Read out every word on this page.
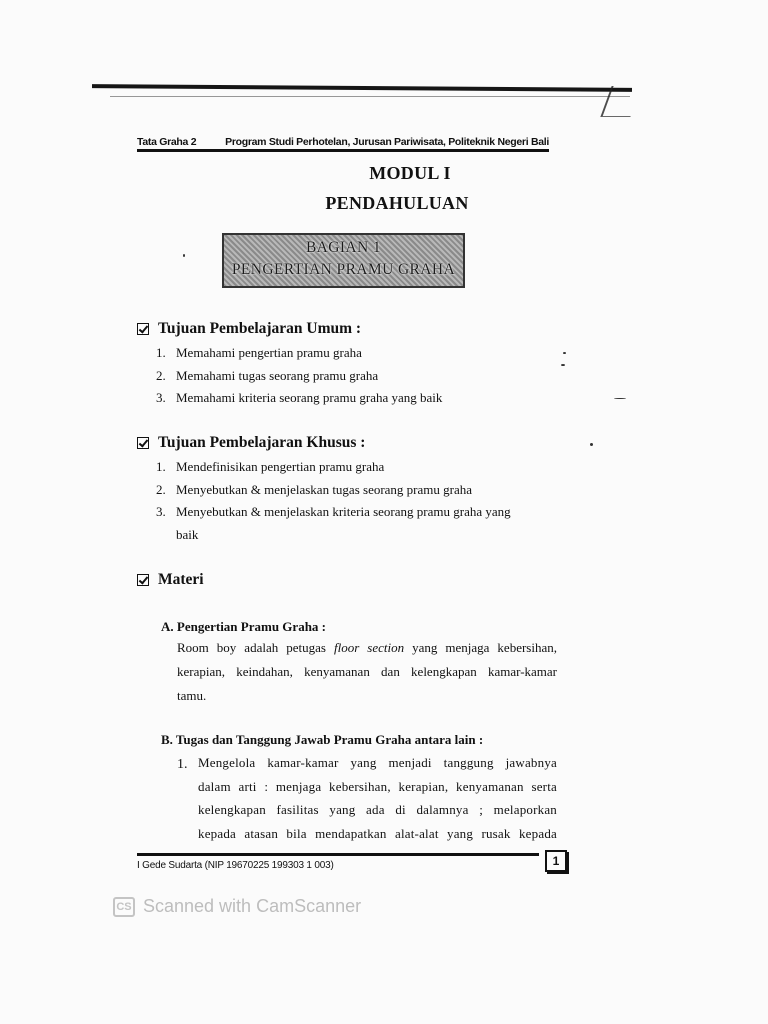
Tata Graha 2	Program Studi Perhotelan, Jurusan Pariwisata, Politeknik Negeri Bali
MODUL I
PENDAHULUAN
BAGIAN 1
PENGERTIAN PRAMU GRAHA
Tujuan Pembelajaran Umum :
1. Memahami pengertian pramu graha
2. Memahami tugas seorang pramu graha
3. Memahami kriteria seorang pramu graha yang baik
Tujuan Pembelajaran Khusus :
1. Mendefinisikan pengertian pramu graha
2. Menyebutkan & menjelaskan tugas seorang pramu graha
3. Menyebutkan & menjelaskan kriteria seorang pramu graha yang
baik
Materi
A. Pengertian Pramu Graha :
Room boy adalah petugas floor section yang menjaga kebersihan,
kerapian, keindahan, kenyamanan dan kelengkapan kamar-kamar
tamu.
B. Tugas dan Tanggung Jawab Pramu Graha antara lain :
1. Mengelola kamar-kamar yang menjadi tanggung jawabnya
dalam arti : menjaga kebersihan, kerapian, kenyamanan serta
kelengkapan fasilitas yang ada di dalamnya ; melaporkan
kepada atasan bila mendapatkan alat-alat yang rusak kepada
I Gede Sudarta (NIP 19670225 199303 1 003)	1
CS Scanned with CamScanner
